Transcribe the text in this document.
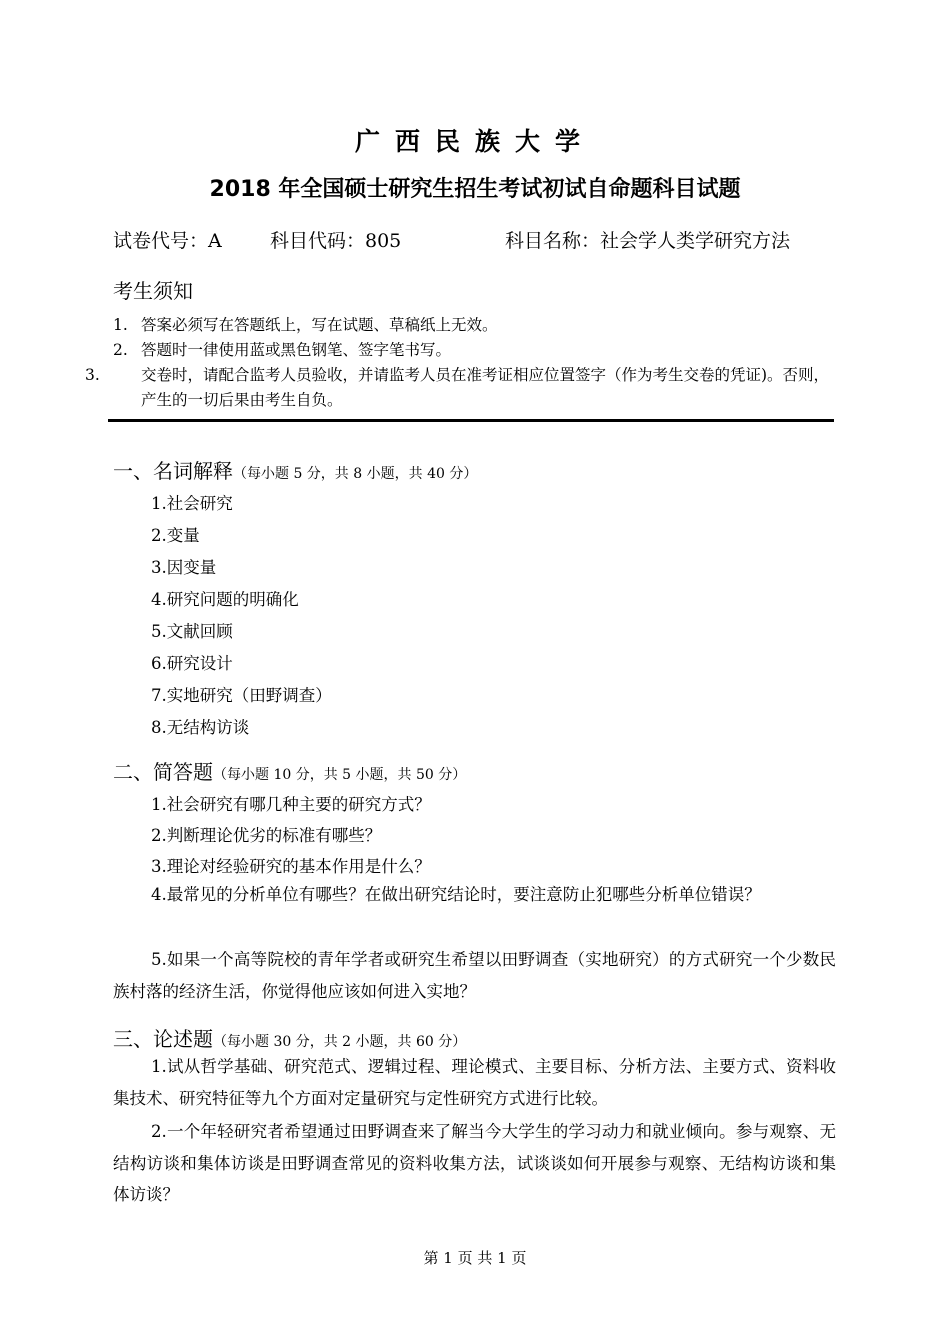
广西民族大学
2018 年全国硕士研究生招生考试初试自命题科目试题
试卷代号：A	科目代码：805	科目名称：社会学人类学研究方法
考生须知
1. 答案必须写在答题纸上，写在试题、草稿纸上无效。
2. 答题时一律使用蓝或黑色钢笔、签字笔书写。
3.	交卷时，请配合监考人员验收，并请监考人员在准考证相应位置签字（作为考生交卷的凭证)。否则，产生的一切后果由考生自负。
一、名词解释（每小题 5 分，共 8 小题，共 40 分）
1.社会研究
2.变量
3.因变量
4.研究问题的明确化
5.文献回顾
6.研究设计
7.实地研究（田野调查）
8.无结构访谈
二、简答题（每小题 10 分，共 5 小题，共 50 分）
1.社会研究有哪几种主要的研究方式？
2.判断理论优劣的标准有哪些？
3.理论对经验研究的基本作用是什么？
4.最常见的分析单位有哪些？在做出研究结论时，要注意防止犯哪些分析单位错误？
5.如果一个高等院校的青年学者或研究生希望以田野调查（实地研究）的方式研究一个少数民族村落的经济生活，你觉得他应该如何进入实地？
三、论述题（每小题 30 分，共 2 小题，共 60 分）
1.试从哲学基础、研究范式、逻辑过程、理论模式、主要目标、分析方法、主要方式、资料收集技术、研究特征等九个方面对定量研究与定性研究方式进行比较。
2.一个年轻研究者希望通过田野调查来了解当今大学生的学习动力和就业倾向。参与观察、无结构访谈和集体访谈是田野调查常见的资料收集方法，试谈谈如何开展参与观察、无结构访谈和集体访谈？
第 1 页 共 1 页
